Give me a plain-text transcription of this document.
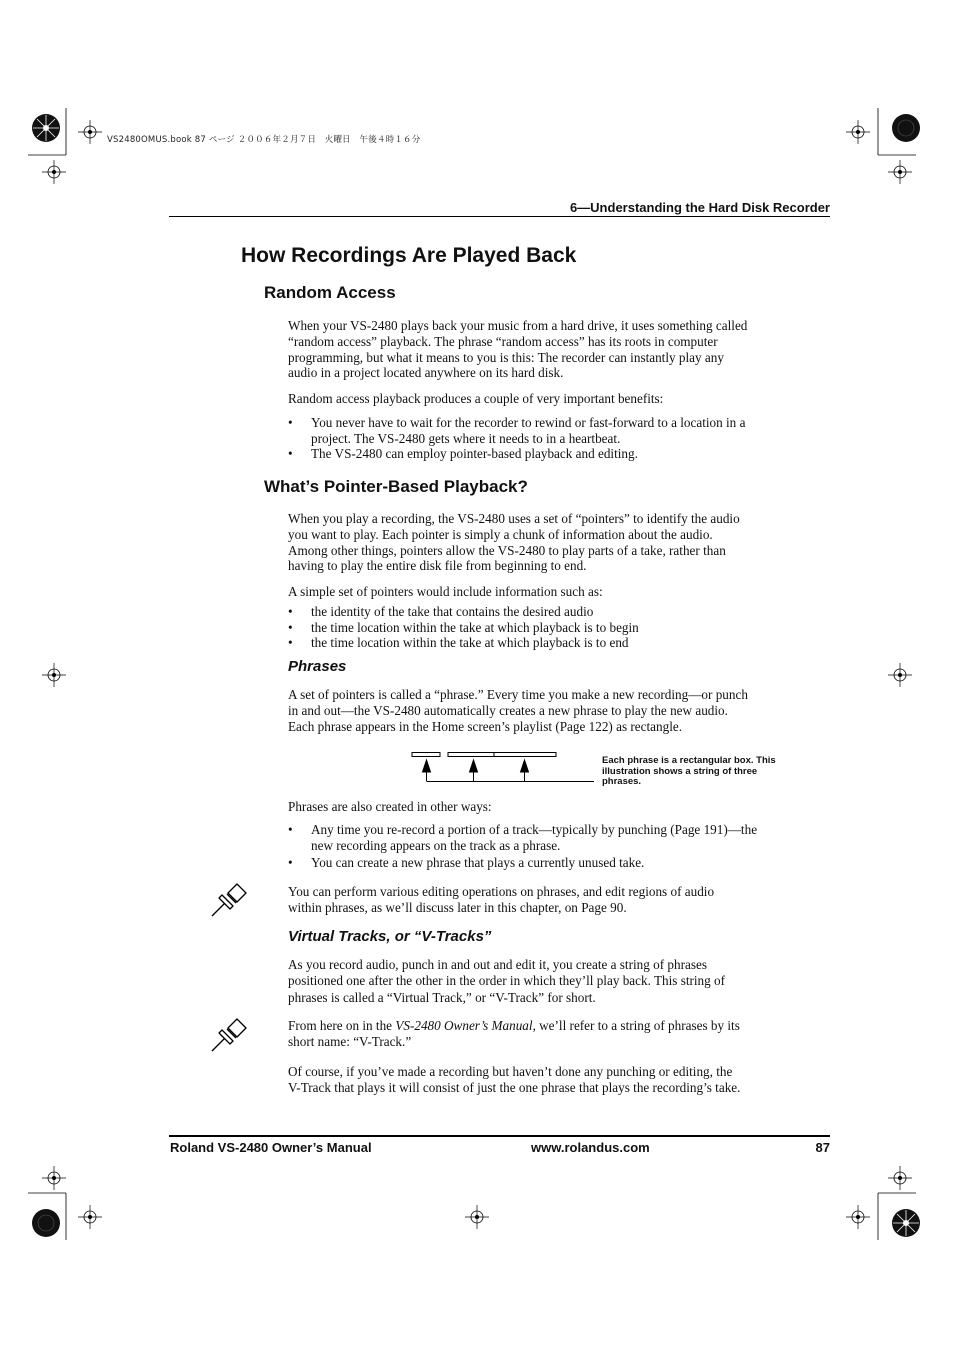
VS2480OMUS.book 87 ページ ２００６年２月７日　火曜日　午後４時１６分
6—Understanding the Hard Disk Recorder
How Recordings Are Played Back
Random Access
When your VS-2480 plays back your music from a hard drive, it uses something called
“random access” playback. The phrase “random access” has its roots in computer
programming, but what it means to you is this: The recorder can instantly play any
audio in a project located anywhere on its hard disk.
Random access playback produces a couple of very important benefits:
• You never have to wait for the recorder to rewind or fast-forward to a location in a
project. The VS-2480 gets where it needs to in a heartbeat.
• The VS-2480 can employ pointer-based playback and editing.
What’s Pointer-Based Playback?
When you play a recording, the VS-2480 uses a set of “pointers” to identify the audio
you want to play. Each pointer is simply a chunk of information about the audio.
Among other things, pointers allow the VS-2480 to play parts of a take, rather than
having to play the entire disk file from beginning to end.
A simple set of pointers would include information such as:
• the identity of the take that contains the desired audio
• the time location within the take at which playback is to begin
• the time location within the take at which playback is to end
Phrases
A set of pointers is called a “phrase.” Every time you make a new recording—or punch
in and out—the VS-2480 automatically creates a new phrase to play the new audio.
Each phrase appears in the Home screen’s playlist (Page 122) as rectangle.
Each phrase is a rectangular box. This
illustration shows a string of three
phrases.
Phrases are also created in other ways:
• Any time you re-record a portion of a track—typically by punching (Page 191)—the
new recording appears on the track as a phrase.
• You can create a new phrase that plays a currently unused take.
You can perform various editing operations on phrases, and edit regions of audio
within phrases, as we’ll discuss later in this chapter, on Page 90.
Virtual Tracks, or “V-Tracks”
As you record audio, punch in and out and edit it, you create a string of phrases
positioned one after the other in the order in which they’ll play back. This string of
phrases is called a “Virtual Track,” or “V-Track” for short.
From here on in the VS-2480 Owner’s Manual, we’ll refer to a string of phrases by its
short name: “V-Track.”
Of course, if you’ve made a recording but haven’t done any punching or editing, the
V-Track that plays it will consist of just the one phrase that plays the recording’s take.
Roland VS-2480 Owner’s Manual	www.rolandus.com	87
